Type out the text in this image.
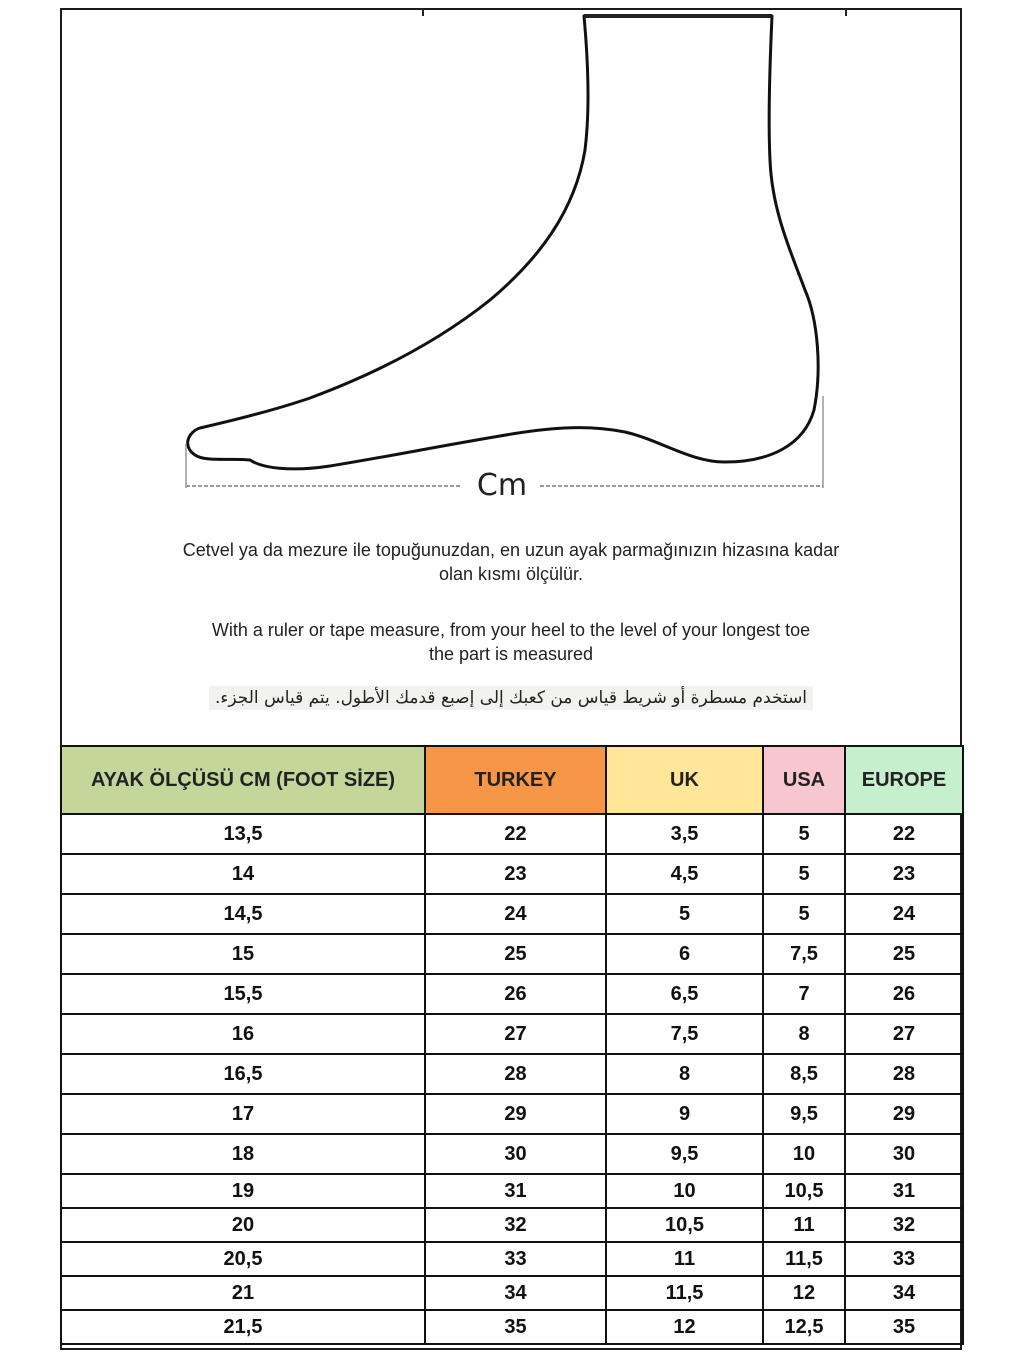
Cm
Cetvel ya da mezure ile topuğunuzdan, en uzun ayak parmağınızın hizasına kadar
olan kısmı ölçülür.
With a ruler or tape measure, from your heel to the level of your longest toe
the part is measured
استخدم مسطرة أو شريط قياس من كعبك إلى إصبع قدمك الأطول. يتم قياس الجزء.
AYAK ÖLÇÜSÜ CM (FOOT SİZE)	TURKEY	UK	USA	EUROPE
13,5	22	3,5	5	22
14	23	4,5	5	23
14,5	24	5	5	24
15	25	6	7,5	25
15,5	26	6,5	7	26
16	27	7,5	8	27
16,5	28	8	8,5	28
17	29	9	9,5	29
18	30	9,5	10	30
19	31	10	10,5	31
20	32	10,5	11	32
20,5	33	11	11,5	33
21	34	11,5	12	34
21,5	35	12	12,5	35
